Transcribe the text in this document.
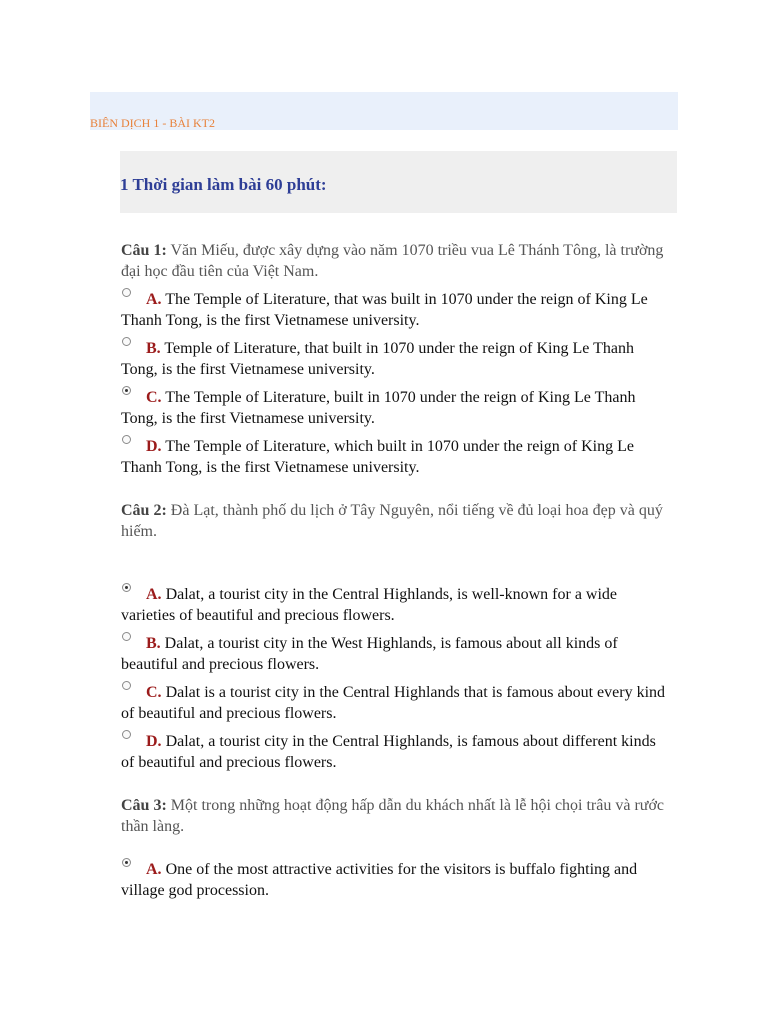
BIÊN DỊCH 1 - BÀI KT2
1 Thời gian làm bài 60 phút:

Câu 1: Văn Miếu, được xây dựng vào năm 1070 triều vua Lê Thánh Tông, là trường đại học đầu tiên của Việt Nam.

A. The Temple of Literature, that was built in 1070 under the reign of King Le Thanh Tong, is the first Vietnamese university.
B. Temple of Literature, that built in 1070 under the reign of King Le Thanh Tong, is the first Vietnamese university.
C. The Temple of Literature, built in 1070 under the reign of King Le Thanh Tong, is the first Vietnamese university.
D. The Temple of Literature, which built in 1070 under the reign of King Le Thanh Tong, is the first Vietnamese university.

Câu 2: Đà Lạt, thành phố du lịch ở Tây Nguyên, nổi tiếng về đủ loại hoa đẹp và quý hiếm.

A. Dalat, a tourist city in the Central Highlands, is well-known for a wide varieties of beautiful and precious flowers.
B. Dalat, a tourist city in the West Highlands, is famous about all kinds of beautiful and precious flowers.
C. Dalat is a tourist city in the Central Highlands that is famous about every kind of beautiful and precious flowers.
D. Dalat, a tourist city in the Central Highlands, is famous about different kinds of beautiful and precious flowers.

Câu 3: Một trong những hoạt động hấp dẫn du khách nhất là lễ hội chọi trâu và rước thần làng.

A. One of the most attractive activities for the visitors is buffalo fighting and village god procession.
